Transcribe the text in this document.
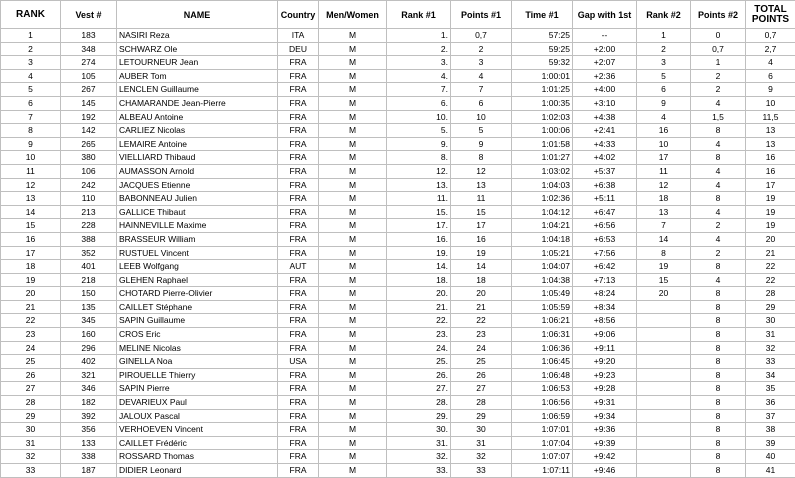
RANK	Vest #	NAME	Country	Men/Women	Rank #1	Points #1	Time #1	Gap with 1st	Rank #2	Points #2	TOTAL POINTS
1	183	NASIRI Reza	ITA	M	1.	0,7	57:25	--	1	0	0,7
2	348	SCHWARZ Ole	DEU	M	2.	2	59:25	+2:00	2	0,7	2,7
3	274	LETOURNEUR Jean	FRA	M	3.	3	59:32	+2:07	3	1	4
4	105	AUBER Tom	FRA	M	4.	4	1:00:01	+2:36	5	2	6
5	267	LENCLEN Guillaume	FRA	M	7.	7	1:01:25	+4:00	6	2	9
6	145	CHAMARANDE Jean-Pierre	FRA	M	6.	6	1:00:35	+3:10	9	4	10
7	192	ALBEAU Antoine	FRA	M	10.	10	1:02:03	+4:38	4	1,5	11,5
8	142	CARLIEZ Nicolas	FRA	M	5.	5	1:00:06	+2:41	16	8	13
9	265	LEMAIRE Antoine	FRA	M	9.	9	1:01:58	+4:33	10	4	13
10	380	VIELLIARD Thibaud	FRA	M	8.	8	1:01:27	+4:02	17	8	16
11	106	AUMASSON Arnold	FRA	M	12.	12	1:03:02	+5:37	11	4	16
12	242	JACQUES Etienne	FRA	M	13.	13	1:04:03	+6:38	12	4	17
13	110	BABONNEAU Julien	FRA	M	11.	11	1:02:36	+5:11	18	8	19
14	213	GALLICE Thibaut	FRA	M	15.	15	1:04:12	+6:47	13	4	19
15	228	HAINNEVILLE Maxime	FRA	M	17.	17	1:04:21	+6:56	7	2	19
16	388	BRASSEUR William	FRA	M	16.	16	1:04:18	+6:53	14	4	20
17	352	RUSTUEL Vincent	FRA	M	19.	19	1:05:21	+7:56	8	2	21
18	401	LEEB Wolfgang	AUT	M	14.	14	1:04:07	+6:42	19	8	22
19	218	GLEHEN Raphael	FRA	M	18.	18	1:04:38	+7:13	15	4	22
20	150	CHOTARD Pierre-Olivier	FRA	M	20.	20	1:05:49	+8:24	20	8	28
21	135	CAILLET Stéphane	FRA	M	21.	21	1:05:59	+8:34		8	29
22	345	SAPIN Guillaume	FRA	M	22.	22	1:06:21	+8:56		8	30
23	160	CROS Eric	FRA	M	23.	23	1:06:31	+9:06		8	31
24	296	MELINE Nicolas	FRA	M	24.	24	1:06:36	+9:11		8	32
25	402	GINELLA Noa	USA	M	25.	25	1:06:45	+9:20		8	33
26	321	PIROUELLE Thierry	FRA	M	26.	26	1:06:48	+9:23		8	34
27	346	SAPIN Pierre	FRA	M	27.	27	1:06:53	+9:28		8	35
28	182	DEVARIEUX Paul	FRA	M	28.	28	1:06:56	+9:31		8	36
29	392	JALOUX Pascal	FRA	M	29.	29	1:06:59	+9:34		8	37
30	356	VERHOEVEN Vincent	FRA	M	30.	30	1:07:01	+9:36		8	38
31	133	CAILLET Frédéric	FRA	M	31.	31	1:07:04	+9:39		8	39
32	338	ROSSARD Thomas	FRA	M	32.	32	1:07:07	+9:42		8	40
33	187	DIDIER Leonard	FRA	M	33.	33	1:07:11	+9:46		8	41
